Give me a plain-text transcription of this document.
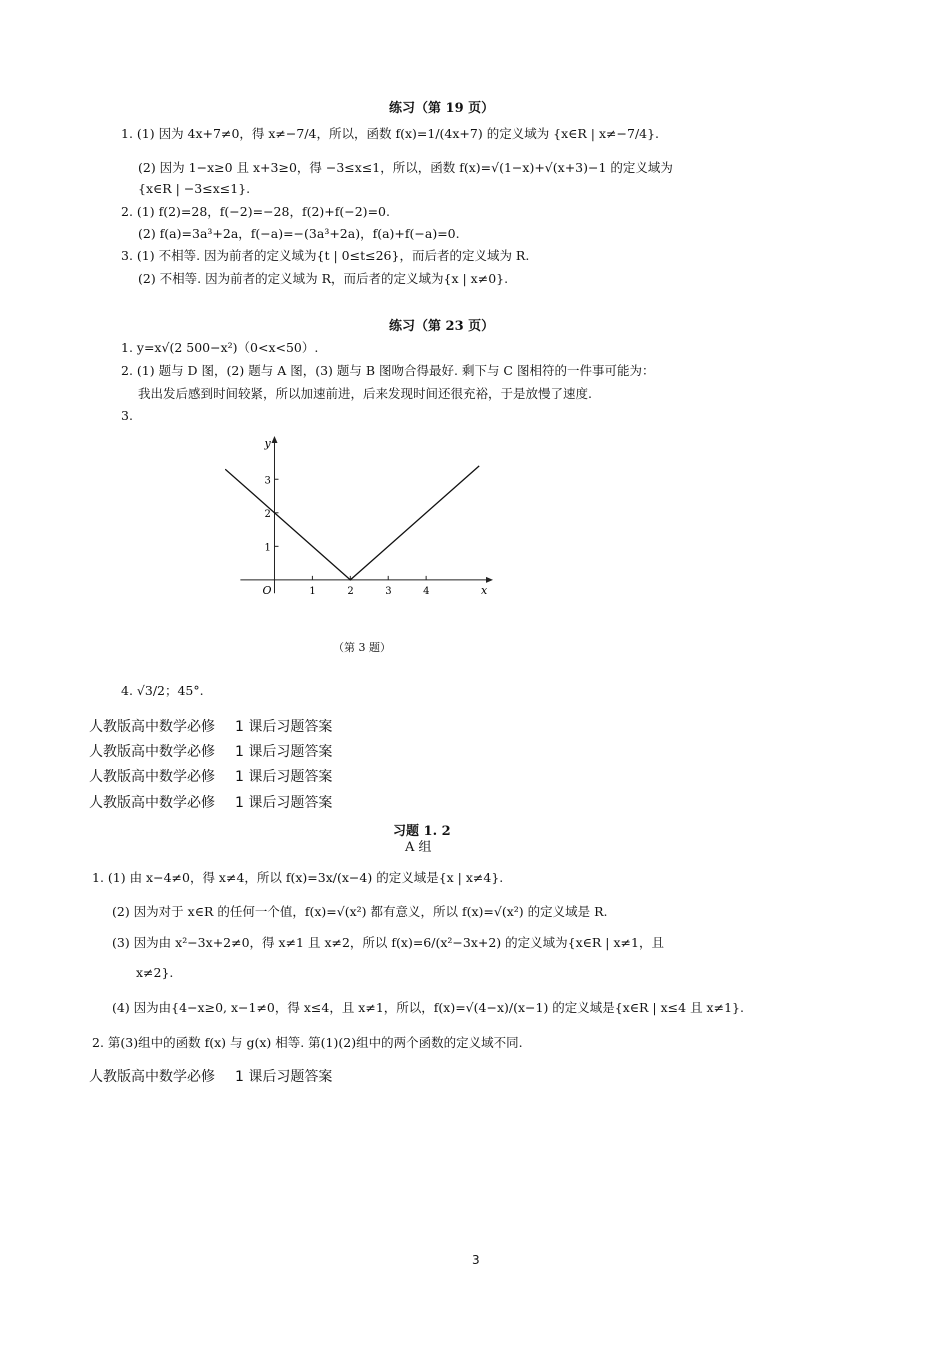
练习（第 19 页）
1. (1) 因为 4x+7≠0，得 x≠−7/4，所以，函数 f(x)=1/(4x+7) 的定义域为 {x∈R | x≠−7/4}.
(2) 因为 1−x≥0 且 x+3≥0，得 −3≤x≤1，所以，函数 f(x)=√(1−x)+√(x+3)−1 的定义域为
{x∈R | −3≤x≤1}.
2. (1) f(2)=28，f(−2)=−28，f(2)+f(−2)=0.
(2) f(a)=3a³+2a，f(−a)=−(3a³+2a)，f(a)+f(−a)=0.
3. (1) 不相等. 因为前者的定义域为{t | 0≤t≤26}，而后者的定义域为 R.
(2) 不相等. 因为前者的定义域为 R，而后者的定义域为{x | x≠0}.
练习（第 23 页）
1. y=x√(2 500−x²)（0<x<50）.
2. (1) 题与 D 图，(2) 题与 A 图，(3) 题与 B 图吻合得最好. 剩下与 C 图相符的一件事可能为：
我出发后感到时间较紧，所以加速前进，后来发现时间还很充裕，于是放慢了速度.
3.
x
y
O	1	2	3	4
1
2
3
（第 3 题）
4. √3/2；45°.
人教版高中数学必修 1 课后习题答案
人教版高中数学必修 1 课后习题答案
人教版高中数学必修 1 课后习题答案
人教版高中数学必修 1 课后习题答案
习题 1. 2
A 组
1. (1) 由 x−4≠0，得 x≠4，所以 f(x)=3x/(x−4) 的定义域是{x | x≠4}.
(2) 因为对于 x∈R 的任何一个值，f(x)=√(x²) 都有意义，所以 f(x)=√(x²) 的定义域是 R.
(3) 因为由 x²−3x+2≠0，得 x≠1 且 x≠2，所以 f(x)=6/(x²−3x+2) 的定义域为{x∈R | x≠1，且
x≠2}.
(4) 因为由{4−x≥0, x−1≠0，得 x≤4，且 x≠1，所以，f(x)=√(4−x)/(x−1) 的定义域是{x∈R | x≤4 且 x≠1}.
2. 第(3)组中的函数 f(x) 与 g(x) 相等. 第(1)(2)组中的两个函数的定义域不同.
人教版高中数学必修 1 课后习题答案
3
